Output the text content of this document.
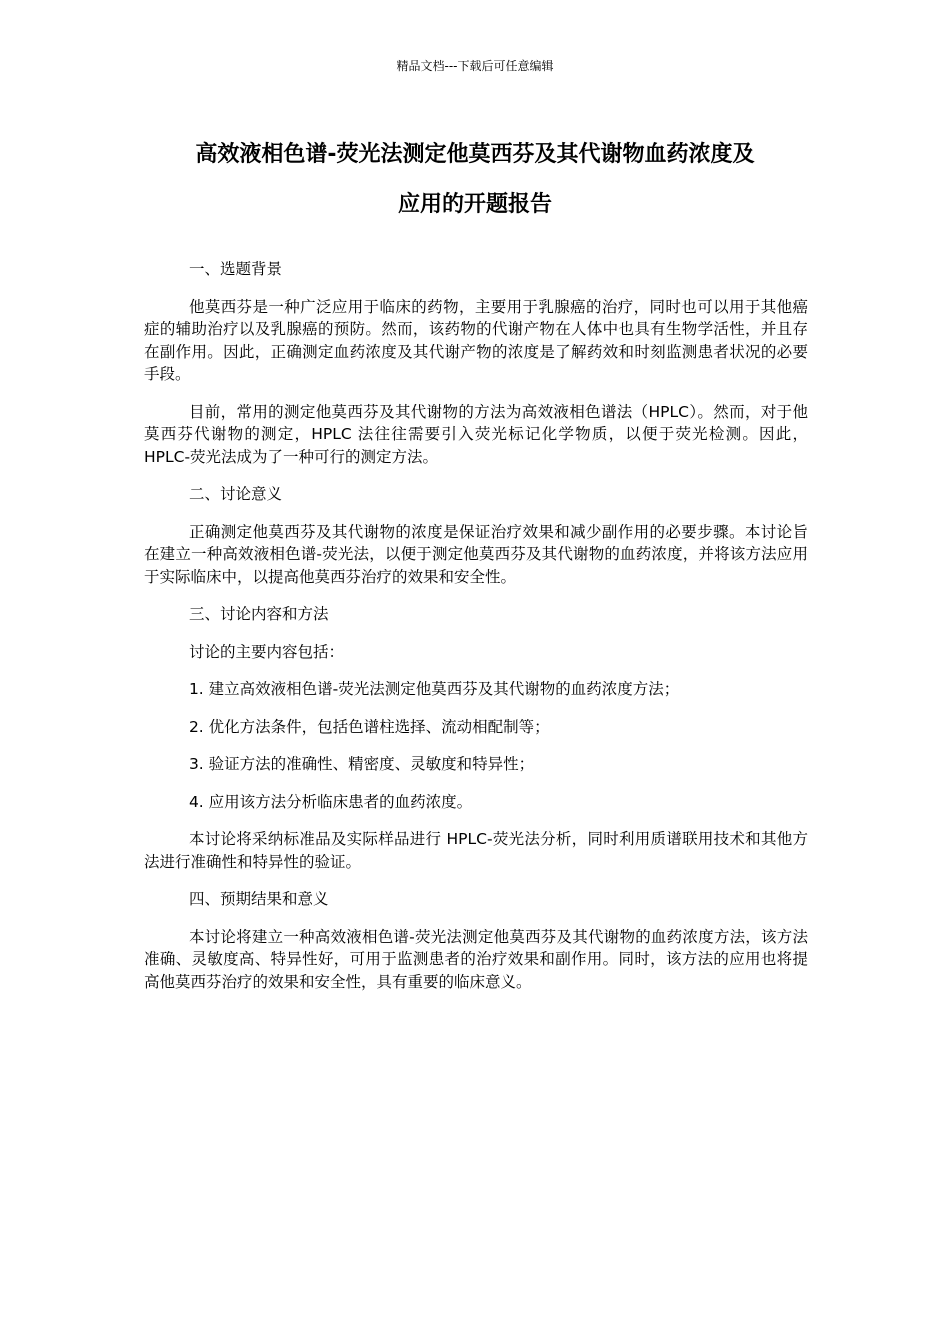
精品文档---下载后可任意编辑
高效液相色谱-荧光法测定他莫西芬及其代谢物血药浓度及
应用的开题报告

一、选题背景

他莫西芬是一种广泛应用于临床的药物，主要用于乳腺癌的治疗，同时也可以用于其他癌症的辅助治疗以及乳腺癌的预防。然而，该药物的代谢产物在人体中也具有生物学活性，并且存在副作用。因此，正确测定血药浓度及其代谢产物的浓度是了解药效和时刻监测患者状况的必要手段。

目前，常用的测定他莫西芬及其代谢物的方法为高效液相色谱法（HPLC）。然而，对于他莫西芬代谢物的测定，HPLC 法往往需要引入荧光标记化学物质，以便于荧光检测。因此，HPLC-荧光法成为了一种可行的测定方法。

二、讨论意义

正确测定他莫西芬及其代谢物的浓度是保证治疗效果和减少副作用的必要步骤。本讨论旨在建立一种高效液相色谱-荧光法，以便于测定他莫西芬及其代谢物的血药浓度，并将该方法应用于实际临床中，以提高他莫西芬治疗的效果和安全性。

三、讨论内容和方法

讨论的主要内容包括：

1. 建立高效液相色谱-荧光法测定他莫西芬及其代谢物的血药浓度方法；

2. 优化方法条件，包括色谱柱选择、流动相配制等；

3. 验证方法的准确性、精密度、灵敏度和特异性；

4. 应用该方法分析临床患者的血药浓度。

本讨论将采纳标准品及实际样品进行 HPLC-荧光法分析，同时利用质谱联用技术和其他方法进行准确性和特异性的验证。

四、预期结果和意义

本讨论将建立一种高效液相色谱-荧光法测定他莫西芬及其代谢物的血药浓度方法，该方法准确、灵敏度高、特异性好，可用于监测患者的治疗效果和副作用。同时，该方法的应用也将提高他莫西芬治疗的效果和安全性，具有重要的临床意义。
